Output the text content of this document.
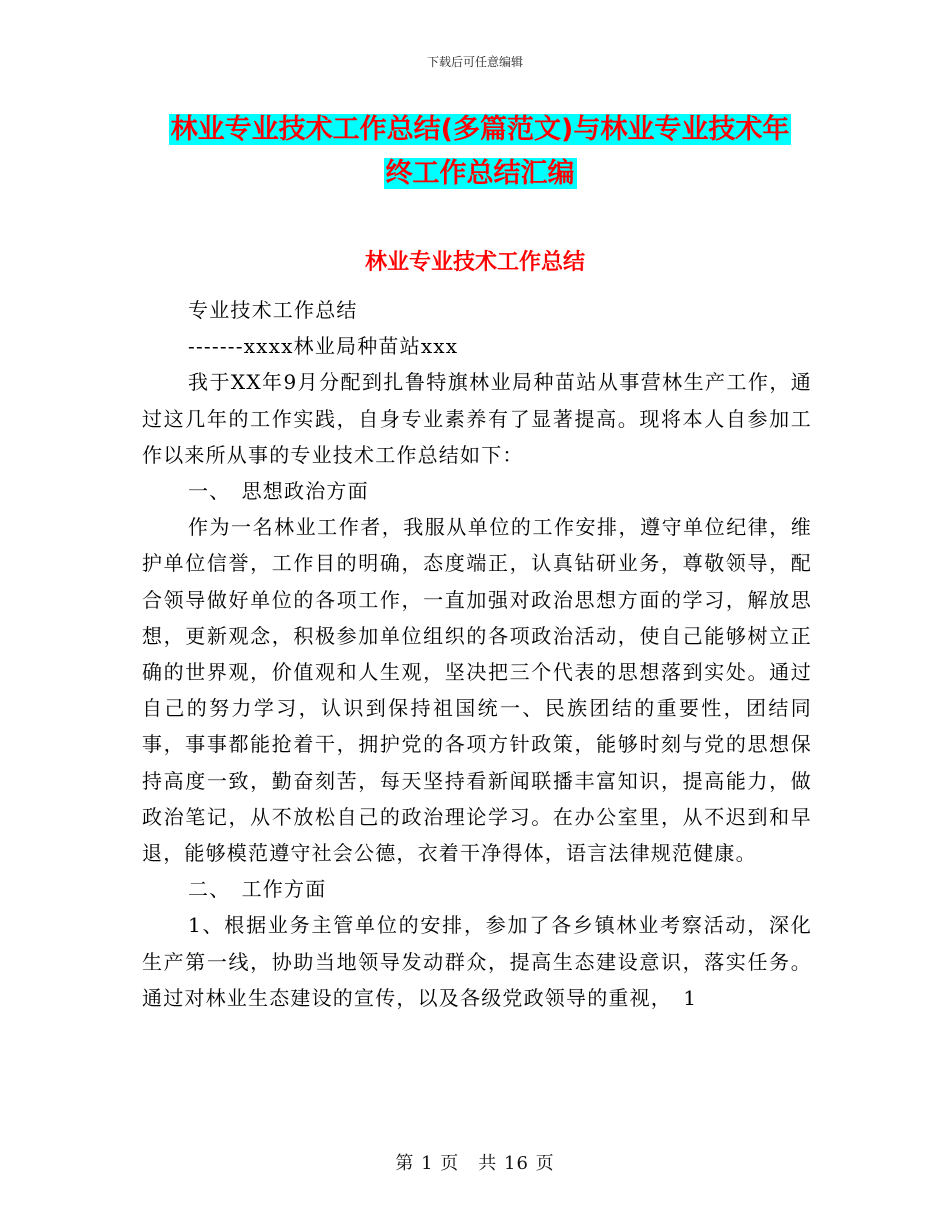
下载后可任意编辑
林业专业技术工作总结(多篇范文)与林业专业技术年
终工作总结汇编
林业专业技术工作总结

专业技术工作总结

-------xxxx林业局种苗站xxx

我于XX年9月分配到扎鲁特旗林业局种苗站从事营林生产工作，通过这几年的工作实践，自身专业素养有了显著提高。现将本人自参加工作以来所从事的专业技术工作总结如下：

一、　思想政治方面

作为一名林业工作者，我服从单位的工作安排，遵守单位纪律，维护单位信誉，工作目的明确，态度端正，认真钻研业务，尊敬领导，配合领导做好单位的各项工作，一直加强对政治思想方面的学习，解放思想，更新观念，积极参加单位组织的各项政治活动，使自己能够树立正确的世界观，价值观和人生观，坚决把三个代表的思想落到实处。通过自己的努力学习，认识到保持祖国统一、民族团结的重要性，团结同事，事事都能抢着干，拥护党的各项方针政策，能够时刻与党的思想保持高度一致，勤奋刻苦，每天坚持看新闻联播丰富知识，提高能力，做政治笔记，从不放松自己的政治理论学习。在办公室里，从不迟到和早退，能够模范遵守社会公德，衣着干净得体，语言法律规范健康。

二、　工作方面

1、根据业务主管单位的安排，参加了各乡镇林业考察活动，深化生产第一线，协助当地领导发动群众，提高生态建设意识，落实任务。通过对林业生态建设的宣传，以及各级党政领导的重视，　1

第 1 页　共 16 页
